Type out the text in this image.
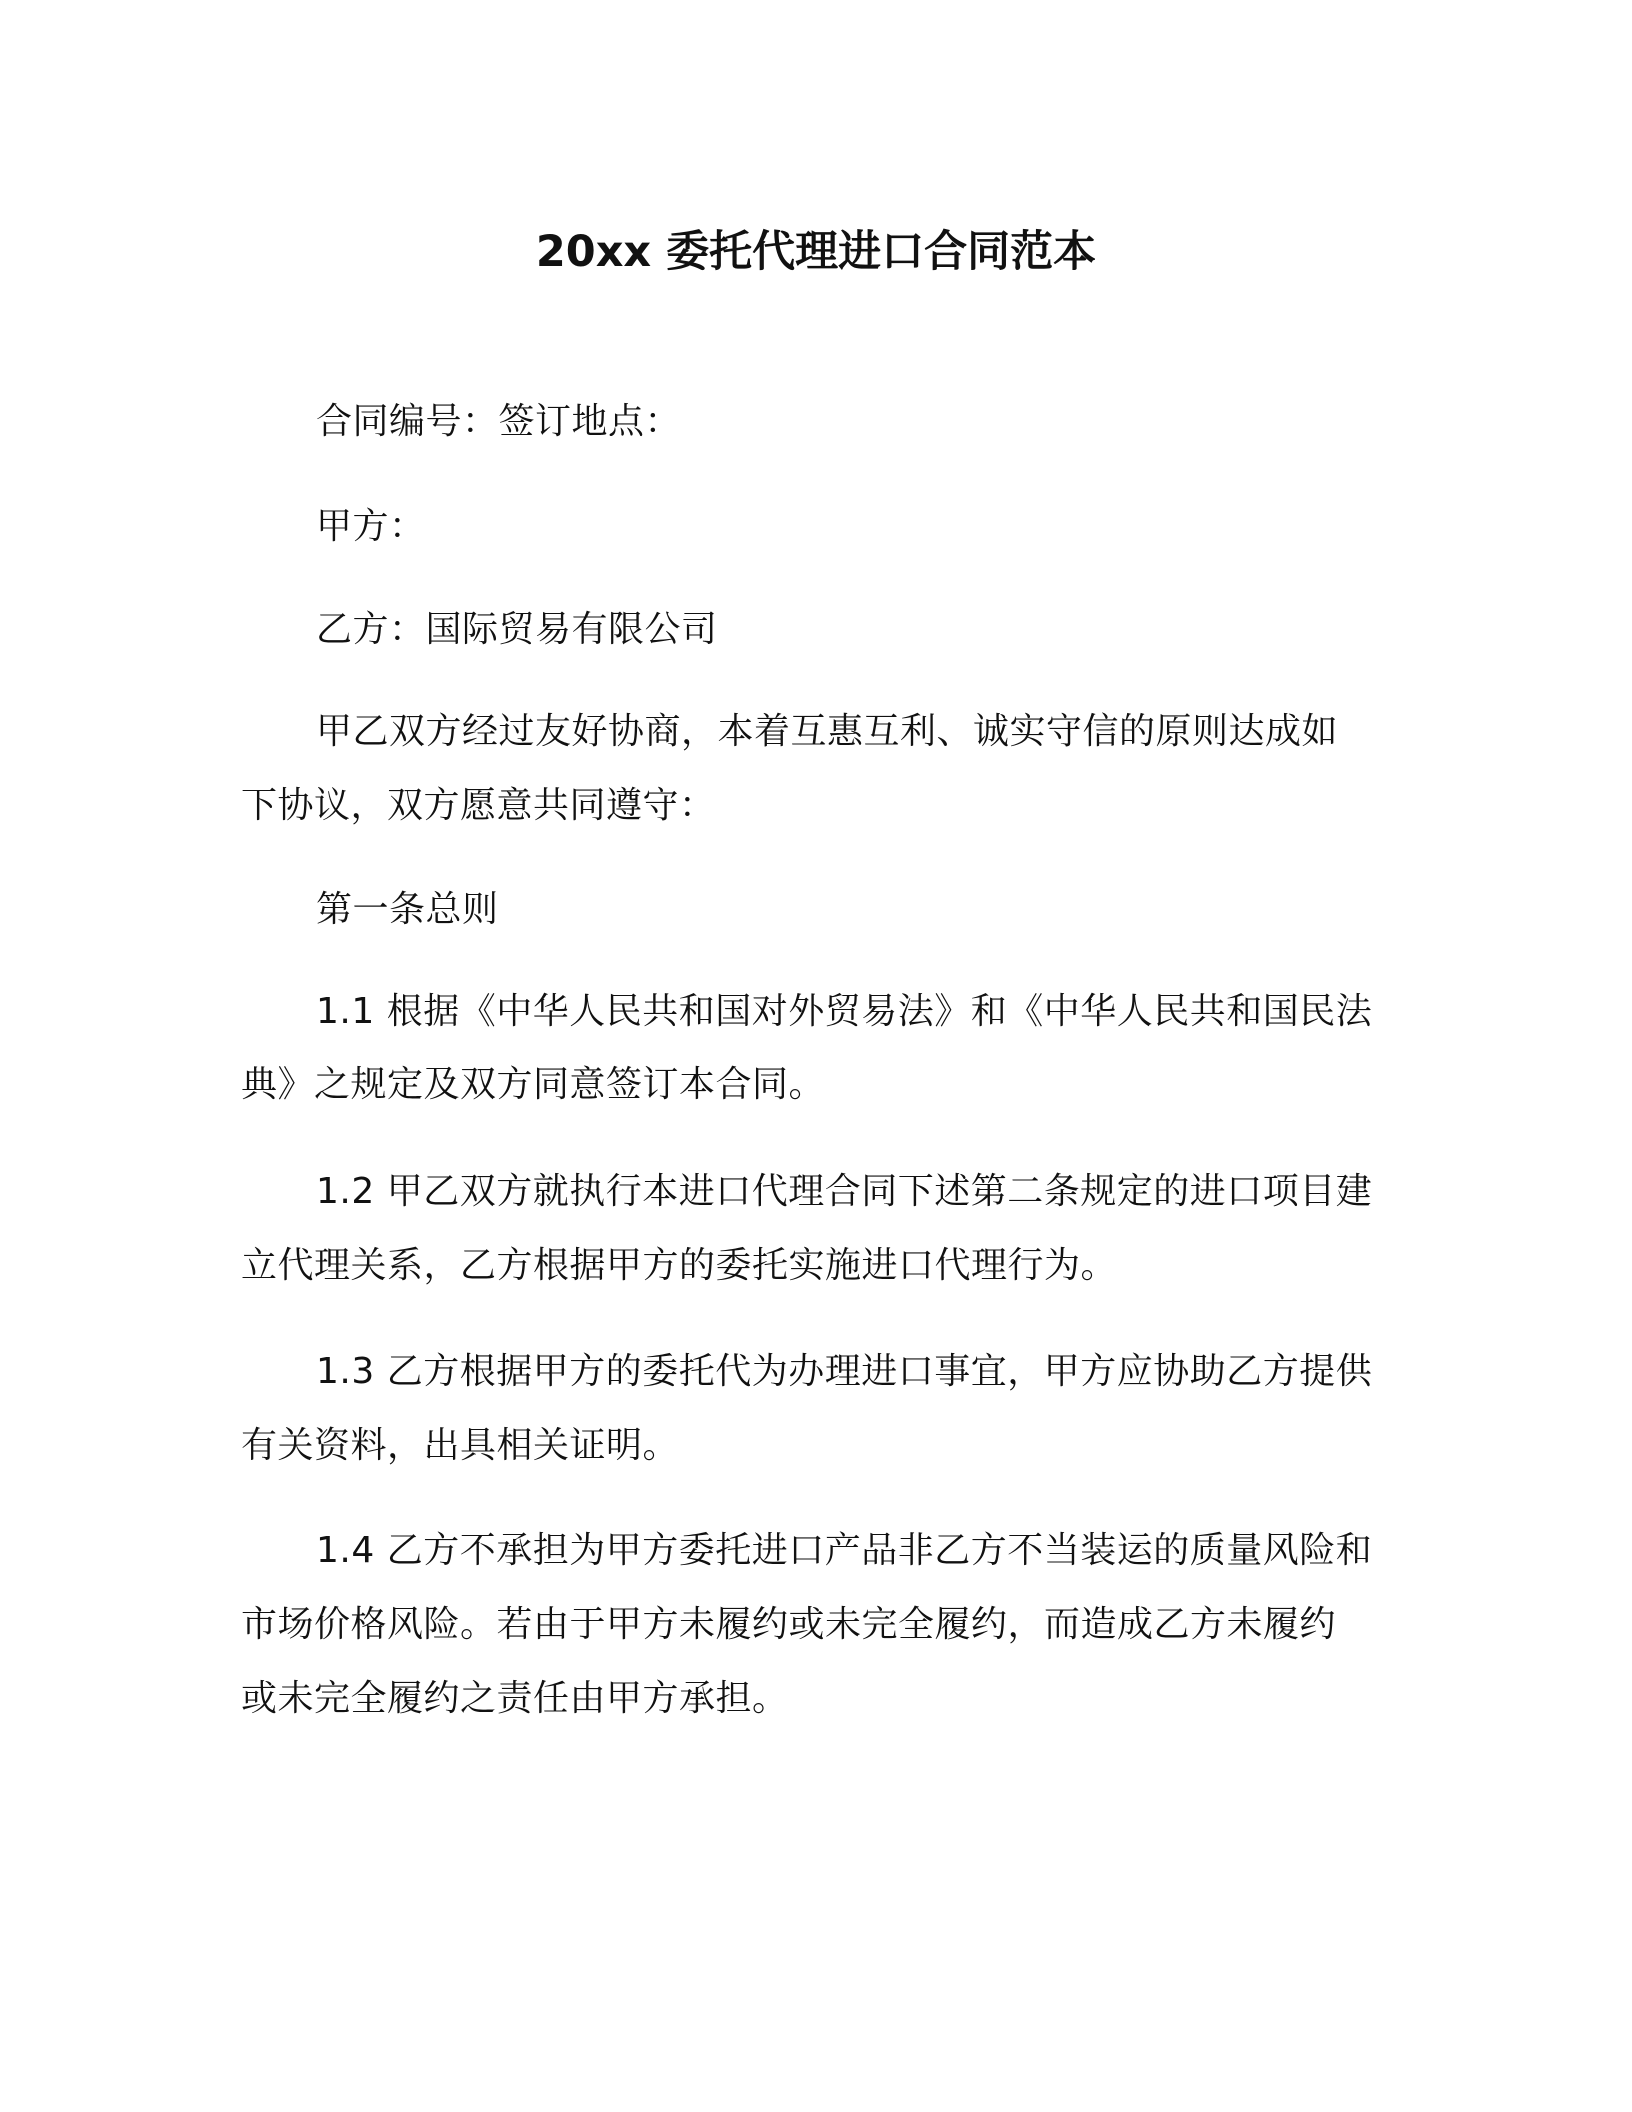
20xx 委托代理进口合同范本
合同编号：签订地点：
甲方：
乙方：国际贸易有限公司
甲乙双方经过友好协商，本着互惠互利、诚实守信的原则达成如
下协议，双方愿意共同遵守：
第一条总则
1.1 根据《中华人民共和国对外贸易法》和《中华人民共和国民法
典》之规定及双方同意签订本合同。
1.2 甲乙双方就执行本进口代理合同下述第二条规定的进口项目建
立代理关系，乙方根据甲方的委托实施进口代理行为。
1.3 乙方根据甲方的委托代为办理进口事宜，甲方应协助乙方提供
有关资料，出具相关证明。
1.4 乙方不承担为甲方委托进口产品非乙方不当装运的质量风险和
市场价格风险。若由于甲方未履约或未完全履约，而造成乙方未履约
或未完全履约之责任由甲方承担。
